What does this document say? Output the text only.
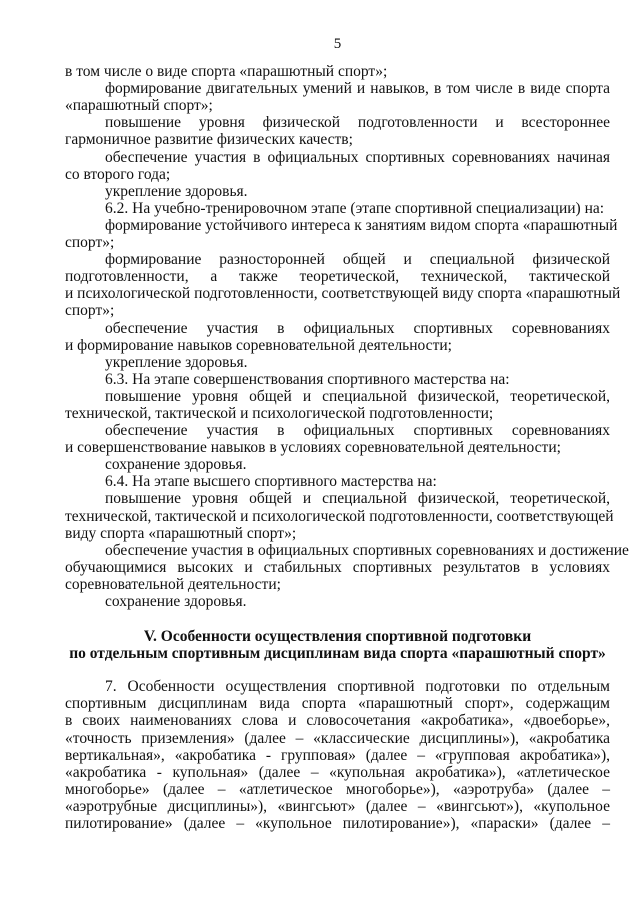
5
в том числе о виде спорта «парашютный спорт»;
формирование двигательных умений и навыков, в том числе в виде спорта
«парашютный спорт»;
повышение уровня физической подготовленности и всестороннее
гармоничное развитие физических качеств;
обеспечение участия в официальных спортивных соревнованиях начиная
со второго года;
укрепление здоровья.
6.2. На учебно-тренировочном этапе (этапе спортивной специализации) на:
формирование устойчивого интереса к занятиям видом спорта «парашютный
спорт»;
формирование разносторонней общей и специальной физической
подготовленности, а также теоретической, технической, тактической
и психологической подготовленности, соответствующей виду спорта «парашютный
спорт»;
обеспечение участия в официальных спортивных соревнованиях
и формирование навыков соревновательной деятельности;
укрепление здоровья.
6.3. На этапе совершенствования спортивного мастерства на:
повышение уровня общей и специальной физической, теоретической,
технической, тактической и психологической подготовленности;
обеспечение участия в официальных спортивных соревнованиях
и совершенствование навыков в условиях соревновательной деятельности;
сохранение здоровья.
6.4. На этапе высшего спортивного мастерства на:
повышение уровня общей и специальной физической, теоретической,
технической, тактической и психологической подготовленности, соответствующей
виду спорта «парашютный спорт»;
обеспечение участия в официальных спортивных соревнованиях и достижение
обучающимися высоких и стабильных спортивных результатов в условиях
соревновательной деятельности;
сохранение здоровья.
V. Особенности осуществления спортивной подготовки
по отдельным спортивным дисциплинам вида спорта «парашютный спорт»
7. Особенности осуществления спортивной подготовки по отдельным
спортивным дисциплинам вида спорта «парашютный спорт», содержащим
в своих наименованиях слова и словосочетания «акробатика», «двоеборье»,
«точность приземления» (далее – «классические дисциплины»), «акробатика
вертикальная», «акробатика - групповая» (далее – «групповая акробатика»),
«акробатика - купольная» (далее – «купольная акробатика»), «атлетическое
многоборье» (далее – «атлетическое многоборье»), «аэротруба» (далее –
«аэротрубные дисциплины»), «вингсьют» (далее – «вингсьют»), «купольное
пилотирование» (далее – «купольное пилотирование»), «параски» (далее –
